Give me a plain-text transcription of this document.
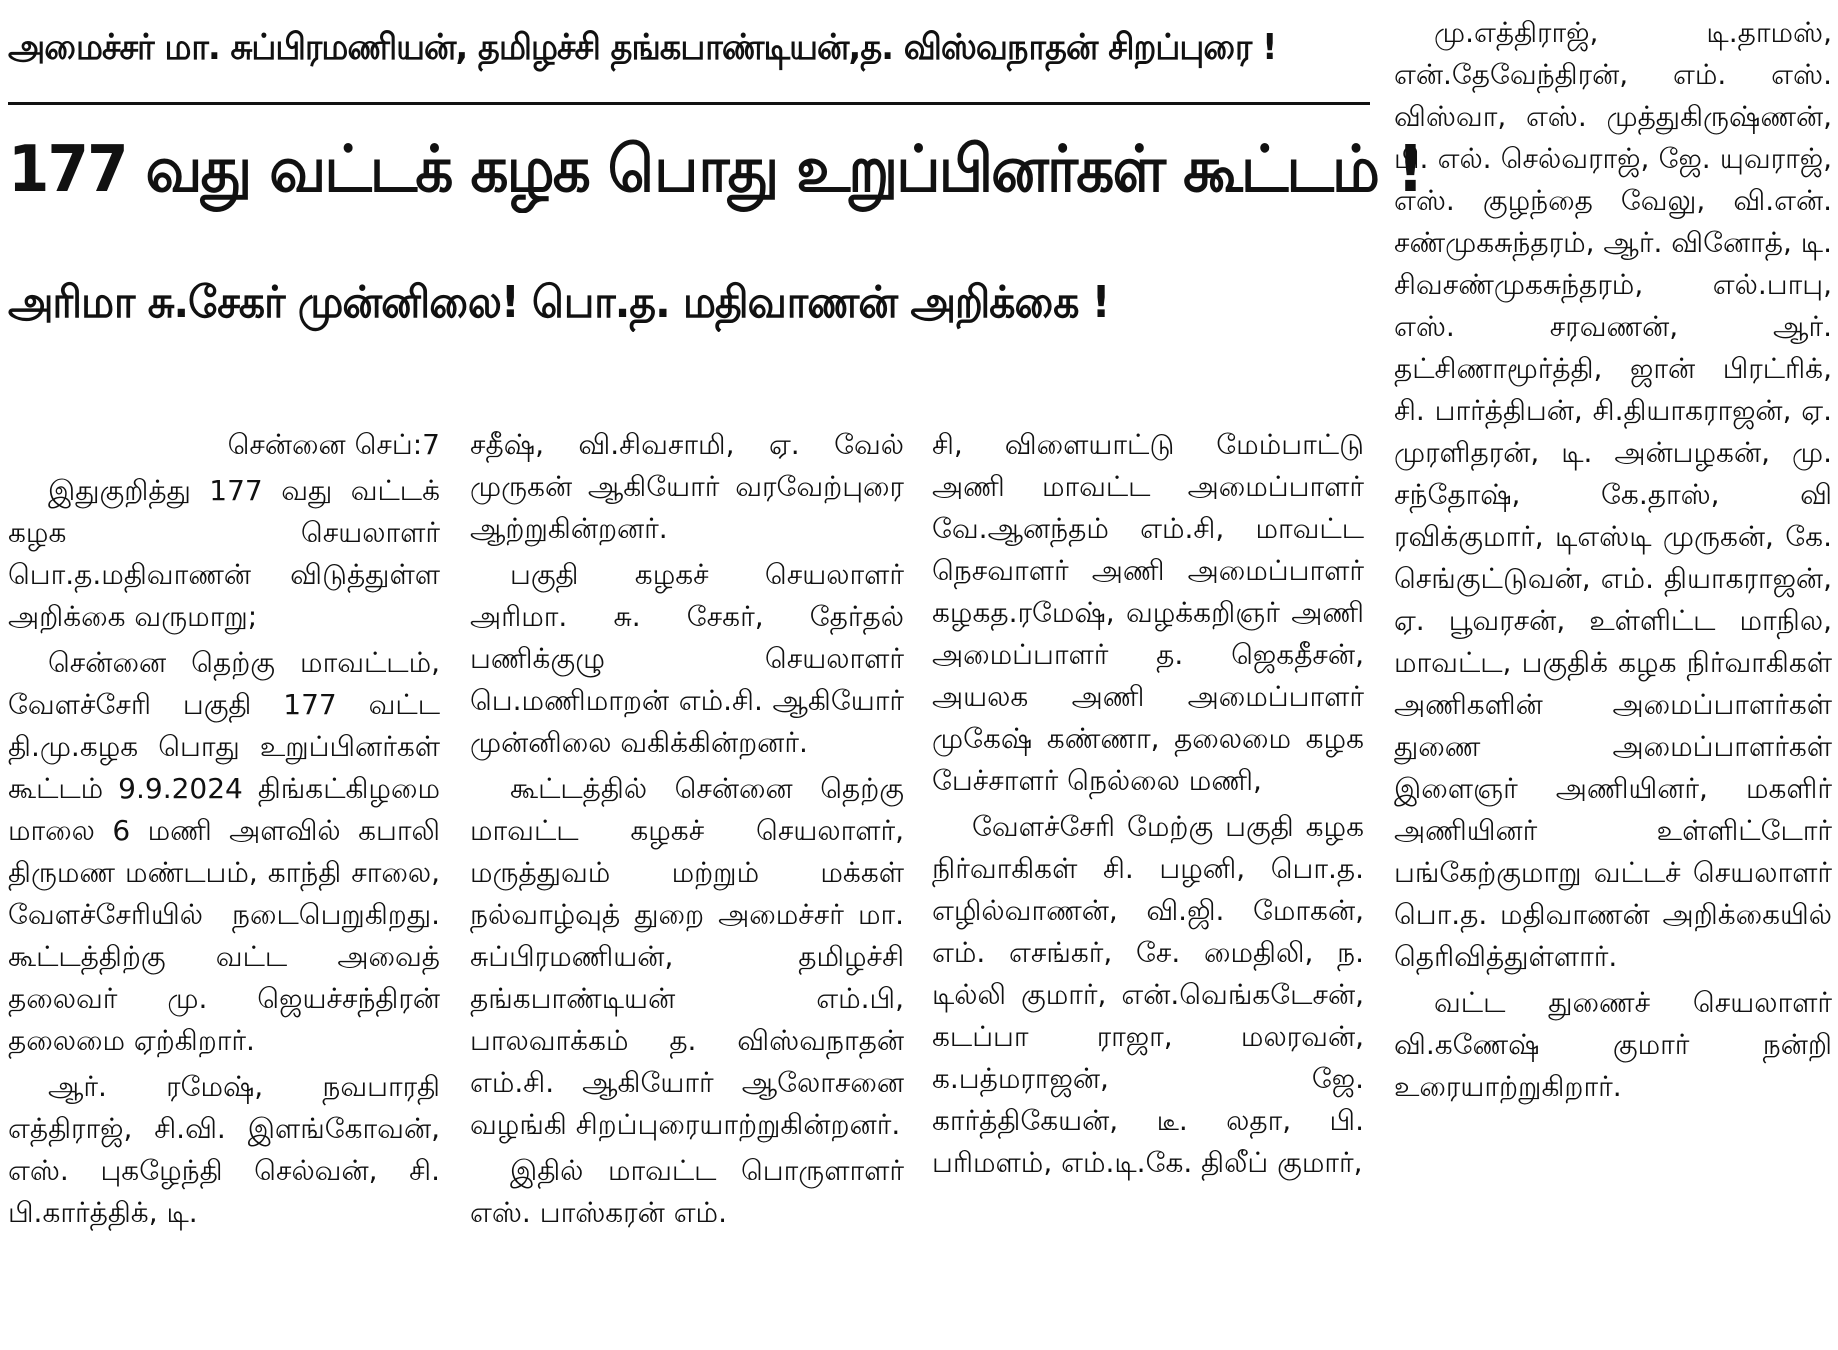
அமைச்சர் மா. சுப்பிரமணியன், தமிழச்சி தங்கபாண்டியன்,த. விஸ்வநாதன் சிறப்புரை !
177 வது வட்டக் கழக பொது உறுப்பினர்கள் கூட்டம் !
அரிமா சு.சேகர் முன்னிலை! பொ.த. மதிவாணன் அறிக்கை !

சென்னை செப்:7

இதுகுறித்து 177 வது வட்டக் கழக செயலாளர் பொ.த.மதிவாணன் விடுத்துள்ள அறிக்கை வருமாறு;

சென்னை தெற்கு மாவட்டம், வேளச்சேரி பகுதி 177 வட்ட தி.மு.கழக பொது உறுப்பினர்கள் கூட்டம் 9.9.2024 திங்கட்கிழமை மாலை 6 மணி அளவில் கபாலி திருமண மண்டபம், காந்தி சாலை, வேளச்சேரியில் நடைபெறுகிறது. கூட்டத்திற்கு வட்ட அவைத் தலைவர் மு. ஜெயச்சந்திரன் தலைமை ஏற்கிறார்.

ஆர். ரமேஷ், நவபாரதி எத்திராஜ், சி.வி. இளங்கோவன், எஸ். புகழேந்தி செல்வன், சி. பி.கார்த்திக், டி.

சதீஷ், வி.சிவசாமி, ஏ. வேல் முருகன் ஆகியோர் வரவேற்புரை ஆற்றுகின்றனர்.

பகுதி கழகச் செயலாளர் அரிமா. சு. சேகர், தேர்தல் பணிக்குழு செயலாளர் பெ.மணிமாறன் எம்.சி. ஆகியோர் முன்னிலை வகிக்கின்றனர்.

கூட்டத்தில் சென்னை தெற்கு மாவட்ட கழகச் செயலாளர், மருத்துவம் மற்றும் மக்கள் நல்வாழ்வுத் துறை அமைச்சர் மா. சுப்பிரமணியன், தமிழச்சி தங்கபாண்டியன் எம்.பி, பாலவாக்கம் த. விஸ்வநாதன் எம்.சி. ஆகியோர் ஆலோசனை வழங்கி சிறப்புரையாற்றுகின்றனர்.

இதில் மாவட்ட பொருளாளர் எஸ். பாஸ்கரன் எம்.

சி, விளையாட்டு மேம்பாட்டு அணி மாவட்ட அமைப்பாளர் வே.ஆனந்தம் எம்.சி, மாவட்ட நெசவாளர் அணி அமைப்பாளர் கழகத.ரமேஷ், வழக்கறிஞர் அணி அமைப்பாளர் த. ஜெகதீசன், அயலக அணி அமைப்பாளர் முகேஷ் கண்ணா, தலைமை கழக பேச்சாளர் நெல்லை மணி,

வேளச்சேரி மேற்கு பகுதி கழக நிர்வாகிகள் சி. பழனி, பொ.த. எழில்வாணன், வி.ஜி. மோகன், எம். எசங்கர், சே. மைதிலி, ந. டில்லி குமார், என்.வெங்கடேசன், கடப்பா ராஜா, மலரவன், க.பத்மராஜன், ஜே. கார்த்திகேயன், டீ. லதா, பி. பரிமளம், எம்.டி.கே. திலீப் குமார்,

மு.எத்திராஜ், டி.தாமஸ், என்.தேவேந்திரன், எம். எஸ். விஸ்வா, எஸ். முத்துகிருஷ்ணன், பி. எல். செல்வராஜ், ஜே. யுவராஜ், எஸ். குழந்தை வேலு, வி.என். சண்முகசுந்தரம், ஆர். வினோத், டி. சிவசண்முகசுந்தரம், எல்.பாபு, எஸ். சரவணன், ஆர். தட்சிணாமூர்த்தி, ஜான் பிரட்ரிக், சி. பார்த்திபன், சி.தியாகராஜன், ஏ. முரளிதரன், டி. அன்பழகன், மு. சந்தோஷ், கே.தாஸ், வி ரவிக்குமார், டிஎஸ்டி முருகன், கே. செங்குட்டுவன், எம். தியாகராஜன், ஏ. பூவரசன், உள்ளிட்ட மாநில, மாவட்ட, பகுதிக் கழக நிர்வாகிகள் அணிகளின் அமைப்பாளர்கள் துணை அமைப்பாளர்கள் இளைஞர் அணியினர், மகளிர் அணியினர் உள்ளிட்டோர் பங்கேற்குமாறு வட்டச் செயலாளர் பொ.த. மதிவாணன் அறிக்கையில் தெரிவித்துள்ளார்.

வட்ட துணைச் செயலாளர் வி.கணேஷ் குமார் நன்றி உரையாற்றுகிறார்.
